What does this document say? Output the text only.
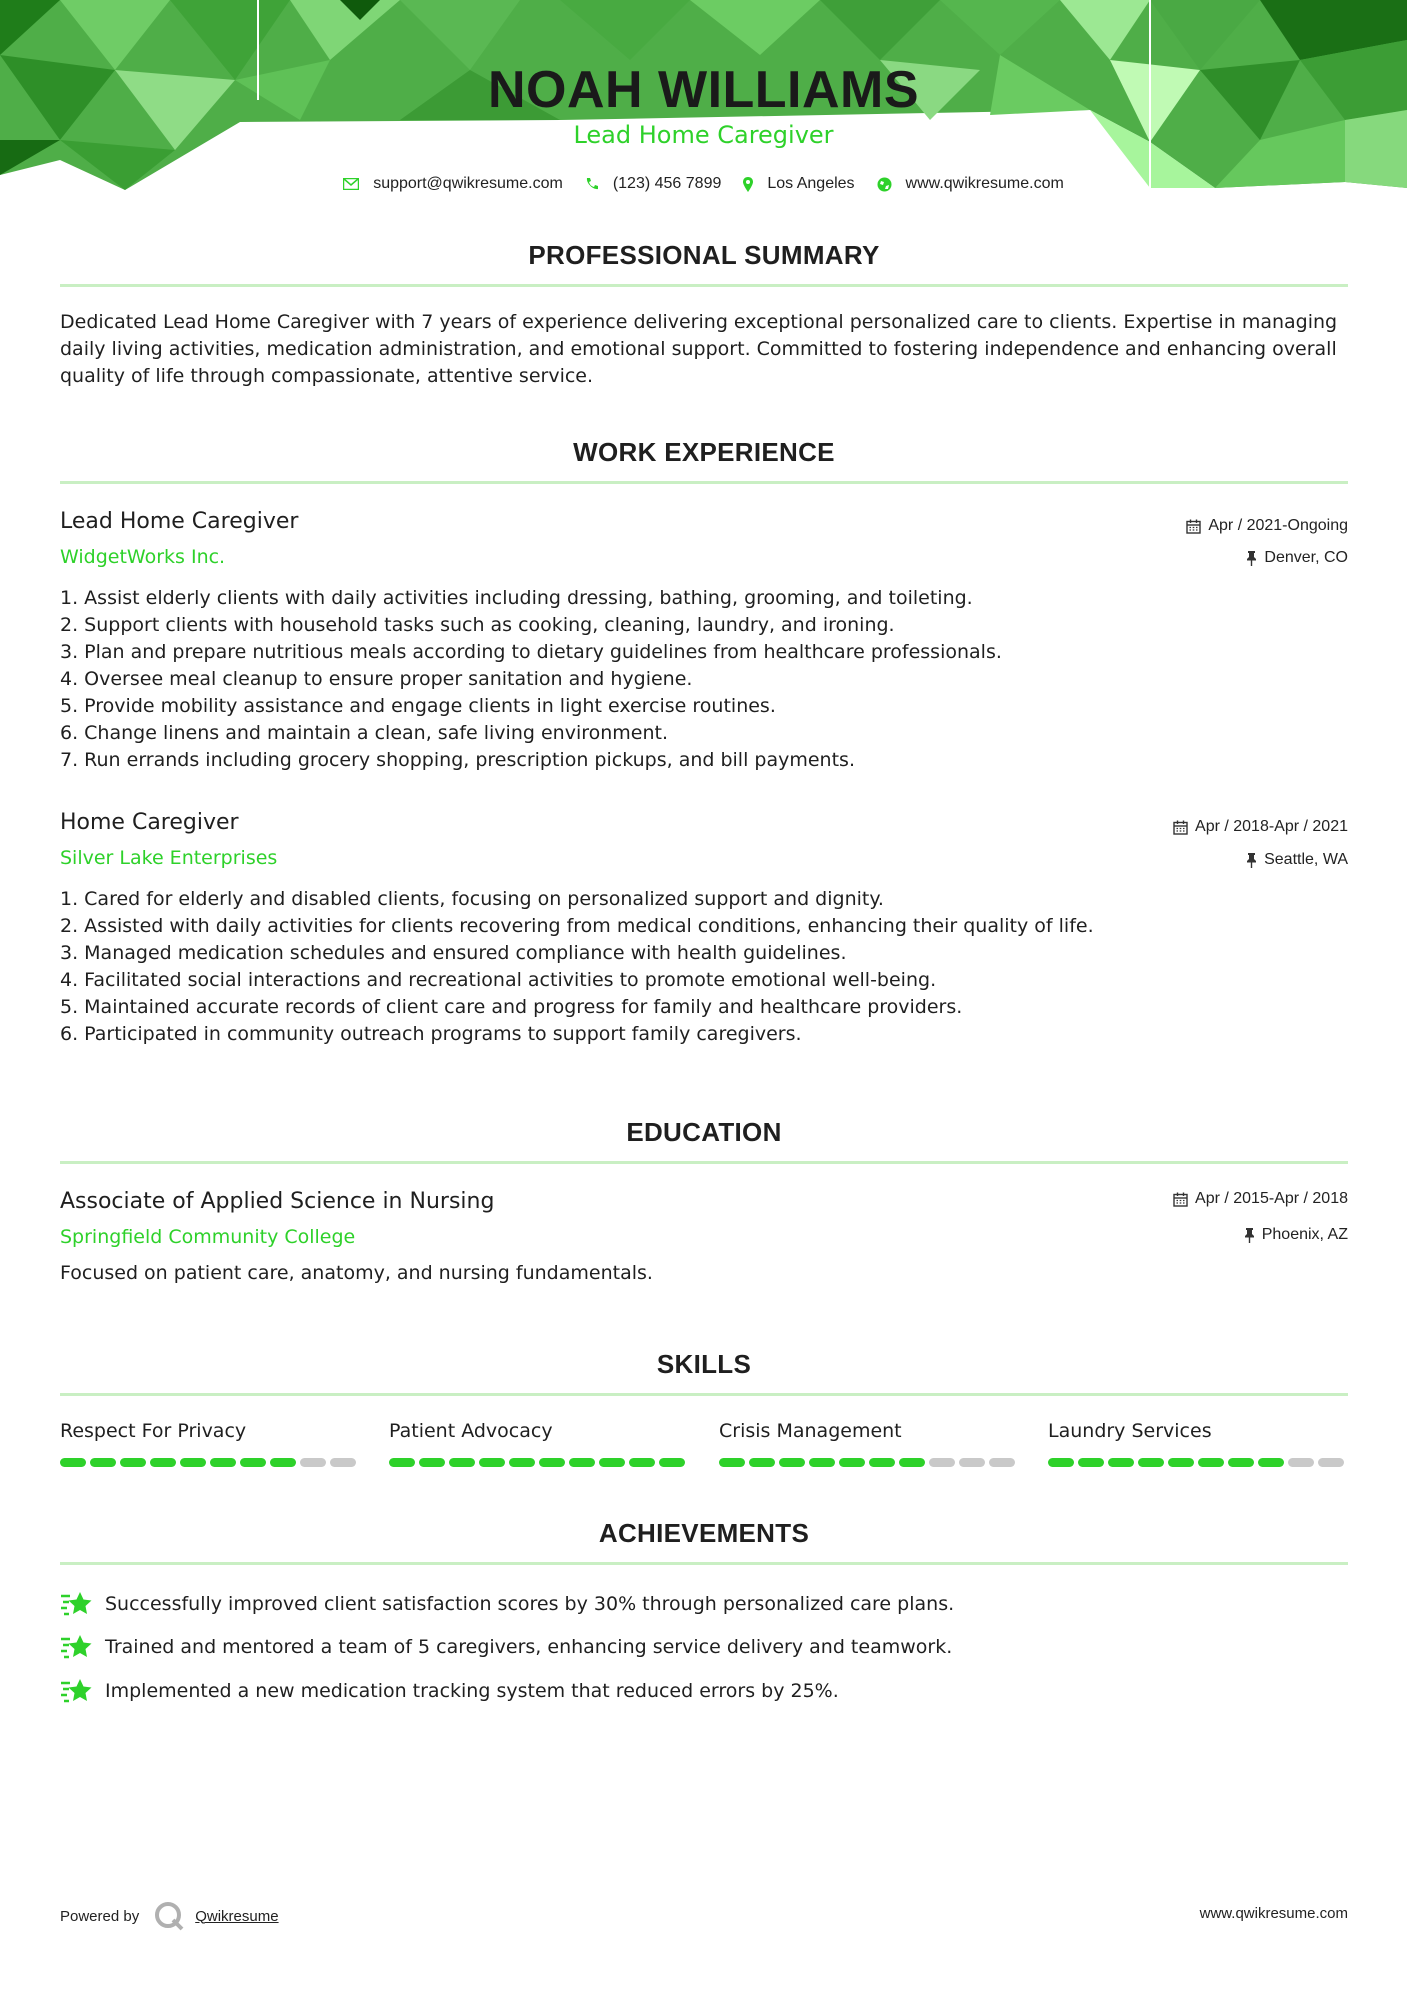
NOAH WILLIAMS
Lead Home Caregiver
support@qwikresume.com	(123) 456 7899	Los Angeles	www.qwikresume.com
PROFESSIONAL SUMMARY

Dedicated Lead Home Caregiver with 7 years of experience delivering exceptional personalized care to clients. Expertise in managing daily living activities, medication administration, and emotional support. Committed to fostering independence and enhancing overall quality of life through compassionate, attentive service.

WORK EXPERIENCE
Lead Home Caregiver
WidgetWorks Inc.
Apr / 2021-Ongoing
Denver, CO
1. Assist elderly clients with daily activities including dressing, bathing, grooming, and toileting.
2. Support clients with household tasks such as cooking, cleaning, laundry, and ironing.
3. Plan and prepare nutritious meals according to dietary guidelines from healthcare professionals.
4. Oversee meal cleanup to ensure proper sanitation and hygiene.
5. Provide mobility assistance and engage clients in light exercise routines.
6. Change linens and maintain a clean, safe living environment.
7. Run errands including grocery shopping, prescription pickups, and bill payments.
Home Caregiver
Silver Lake Enterprises
Apr / 2018-Apr / 2021
Seattle, WA
1. Cared for elderly and disabled clients, focusing on personalized support and dignity.
2. Assisted with daily activities for clients recovering from medical conditions, enhancing their quality of life.
3. Managed medication schedules and ensured compliance with health guidelines.
4. Facilitated social interactions and recreational activities to promote emotional well-being.
5. Maintained accurate records of client care and progress for family and healthcare providers.
6. Participated in community outreach programs to support family caregivers.
EDUCATION
Associate of Applied Science in Nursing
Springfield Community College
Apr / 2015-Apr / 2018
Phoenix, AZ
Focused on patient care, anatomy, and nursing fundamentals.
SKILLS
Respect For Privacy	Patient Advocacy	Crisis Management	Laundry Services
ACHIEVEMENTS
Successfully improved client satisfaction scores by 30% through personalized care plans.
Trained and mentored a team of 5 caregivers, enhancing service delivery and teamwork.
Implemented a new medication tracking system that reduced errors by 25%.
Powered by	Qwikresume	www.qwikresume.com
